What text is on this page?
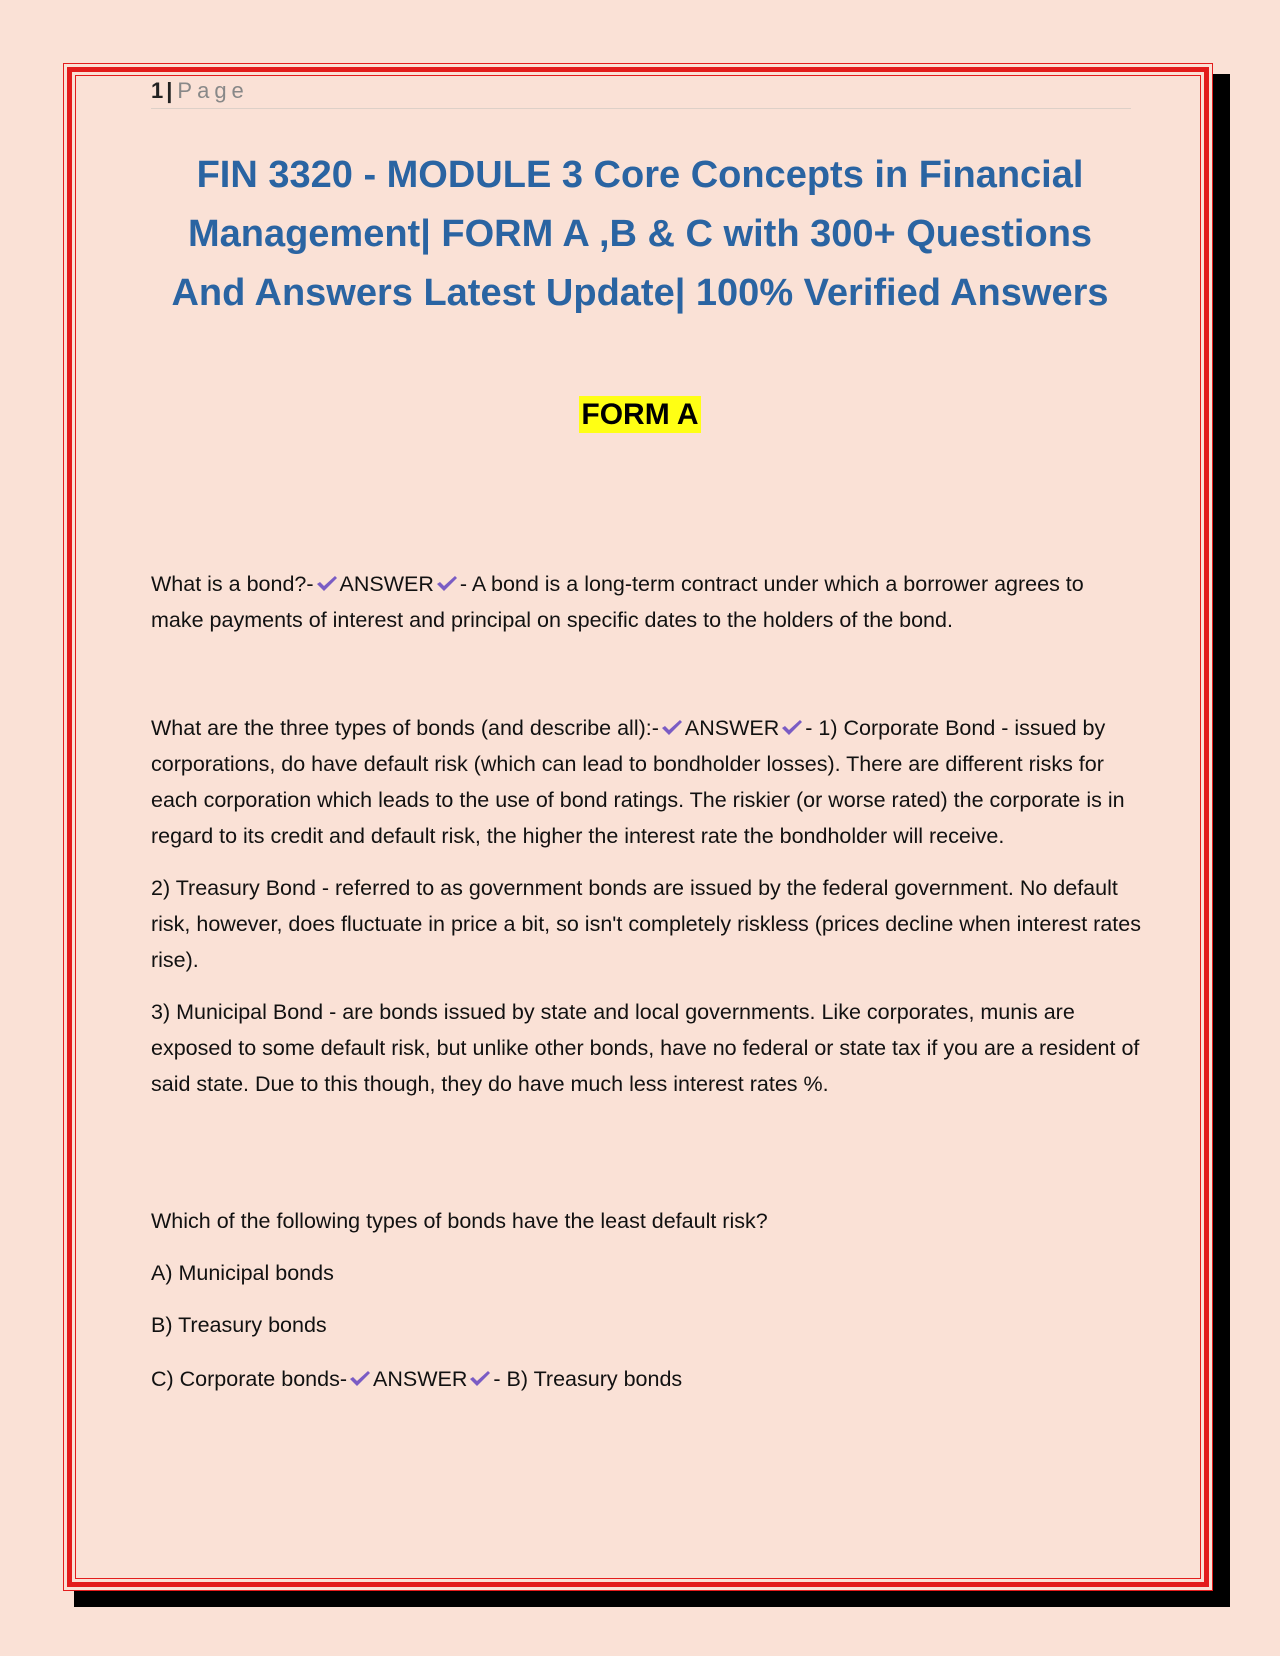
1| Page
FIN 3320 - MODULE 3 Core Concepts in Financial Management| FORM A ,B & C with 300+ Questions And Answers Latest Update| 100% Verified Answers
FORM A

What is a bond?- ANSWER - A bond is a long-term contract under which a borrower agrees to make payments of interest and principal on specific dates to the holders of the bond.

What are the three types of bonds (and describe all):- ANSWER - 1) Corporate Bond - issued by corporations, do have default risk (which can lead to bondholder losses). There are different risks for each corporation which leads to the use of bond ratings. The riskier (or worse rated) the corporate is in regard to its credit and default risk, the higher the interest rate the bondholder will receive.

2) Treasury Bond - referred to as government bonds are issued by the federal government. No default risk, however, does fluctuate in price a bit, so isn't completely riskless (prices decline when interest rates rise).

3) Municipal Bond - are bonds issued by state and local governments. Like corporates, munis are exposed to some default risk, but unlike other bonds, have no federal or state tax if you are a resident of said state. Due to this though, they do have much less interest rates %.

Which of the following types of bonds have the least default risk?

A) Municipal bonds

B) Treasury bonds

C) Corporate bonds- ANSWER - B) Treasury bonds
